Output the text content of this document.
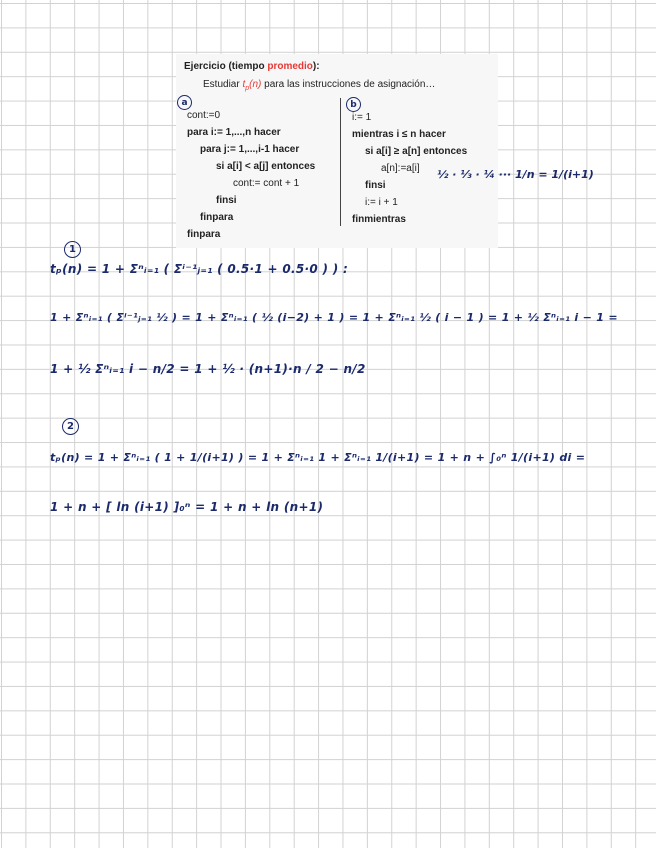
Ejercicio (tiempo promedio):
Estudiar $t_p(n)$ para las instrucciones de asignación…
a
cont:=0
para i:= 1,...,n hacer
para j:= 1,...,i-1 hacer
si a[i] < a[j] entonces
cont:= cont + 1
finsi
finpara
finpara
b
i:= 1
mientras i ≤ n hacer
si a[i] ≥ a[n] entonces
a[n]:=a[i]
finsi
i:= i + 1
finmientras
½ · ⅓ · ¼ ··· 1/n = 1/(i+1)
1
tₚ(n) = 1 + Σⁿᵢ₌₁ ( Σⁱ⁻¹ⱼ₌₁ ( 0.5·1 + 0.5·0 ) ) :
1 + Σⁿᵢ₌₁ ( Σⁱ⁻¹ⱼ₌₁ ½ ) = 1 + Σⁿᵢ₌₁ ( ½ (i−2) + 1 ) = 1 + Σⁿᵢ₌₁ ½ ( i − 1 ) = 1 + ½ Σⁿᵢ₌₁ i − 1 =
1 + ½ Σⁿᵢ₌₁ i − n/2 = 1 + ½ · (n+1)·n / 2 − n/2
2
tₚ(n) = 1 + Σⁿᵢ₌₁ ( 1 + 1/(i+1) ) = 1 + Σⁿᵢ₌₁ 1 + Σⁿᵢ₌₁ 1/(i+1) = 1 + n + ∫₀ⁿ 1/(i+1) di =
1 + n + [ ln (i+1) ]₀ⁿ = 1 + n + ln (n+1)
